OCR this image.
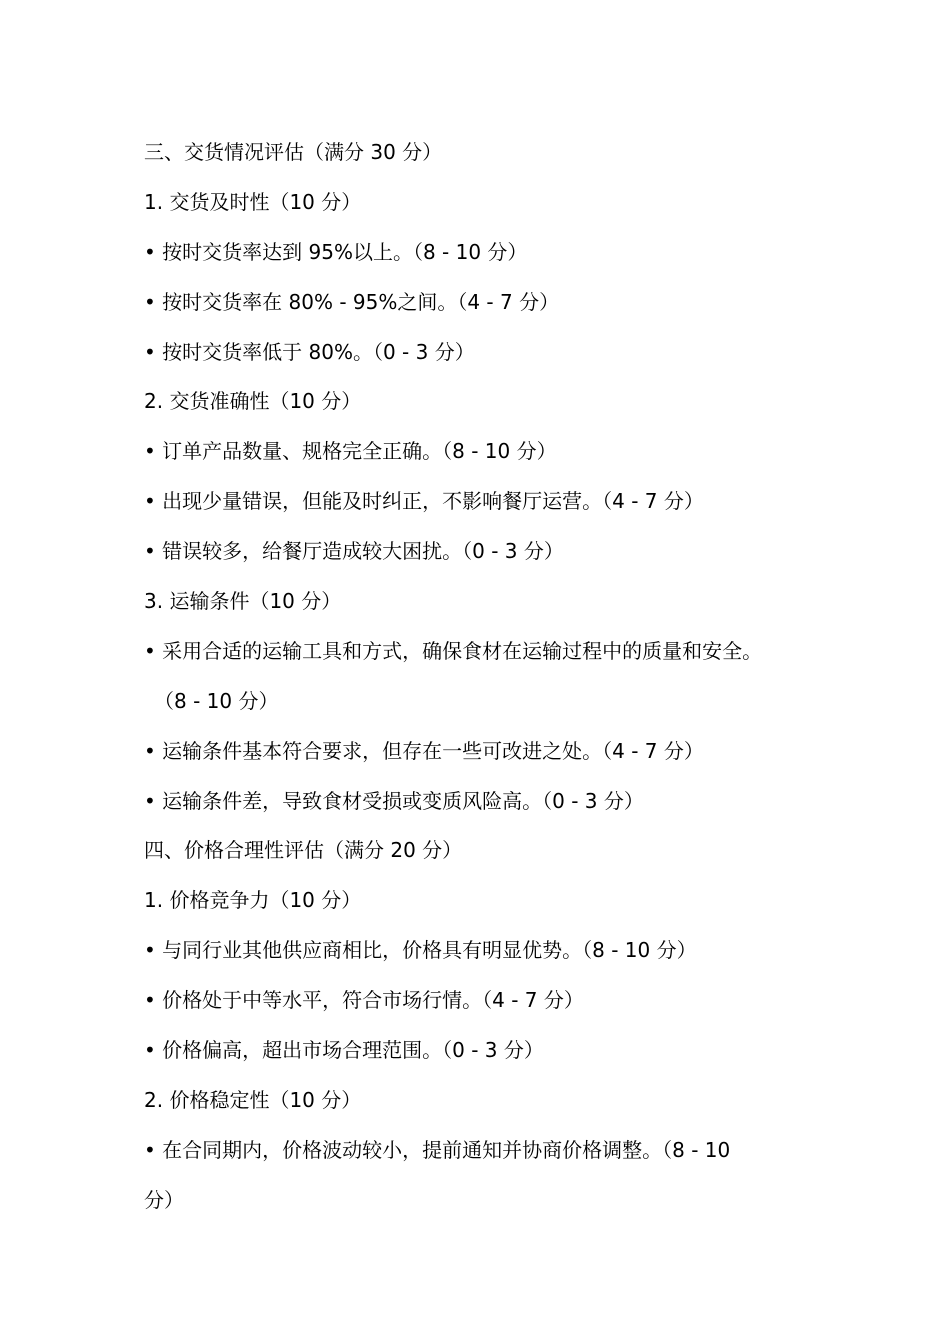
三、交货情况评估（满分 30 分）

1. 交货及时性（10 分）

• 按时交货率达到 95%以上。（8 - 10 分）

• 按时交货率在 80% - 95%之间。（4 - 7 分）

• 按时交货率低于 80%。（0 - 3 分）

2. 交货准确性（10 分）

• 订单产品数量、规格完全正确。（8 - 10 分）

• 出现少量错误，但能及时纠正，不影响餐厅运营。（4 - 7 分）

• 错误较多，给餐厅造成较大困扰。（0 - 3 分）

3. 运输条件（10 分）

• 采用合适的运输工具和方式，确保食材在运输过程中的质量和安全。

（8 - 10 分）

• 运输条件基本符合要求，但存在一些可改进之处。（4 - 7 分）

• 运输条件差，导致食材受损或变质风险高。（0 - 3 分）

四、价格合理性评估（满分 20 分）

1. 价格竞争力（10 分）

• 与同行业其他供应商相比，价格具有明显优势。（8 - 10 分）

• 价格处于中等水平，符合市场行情。（4 - 7 分）

• 价格偏高，超出市场合理范围。（0 - 3 分）

2. 价格稳定性（10 分）

• 在合同期内，价格波动较小，提前通知并协商价格调整。（8 - 10

分）
